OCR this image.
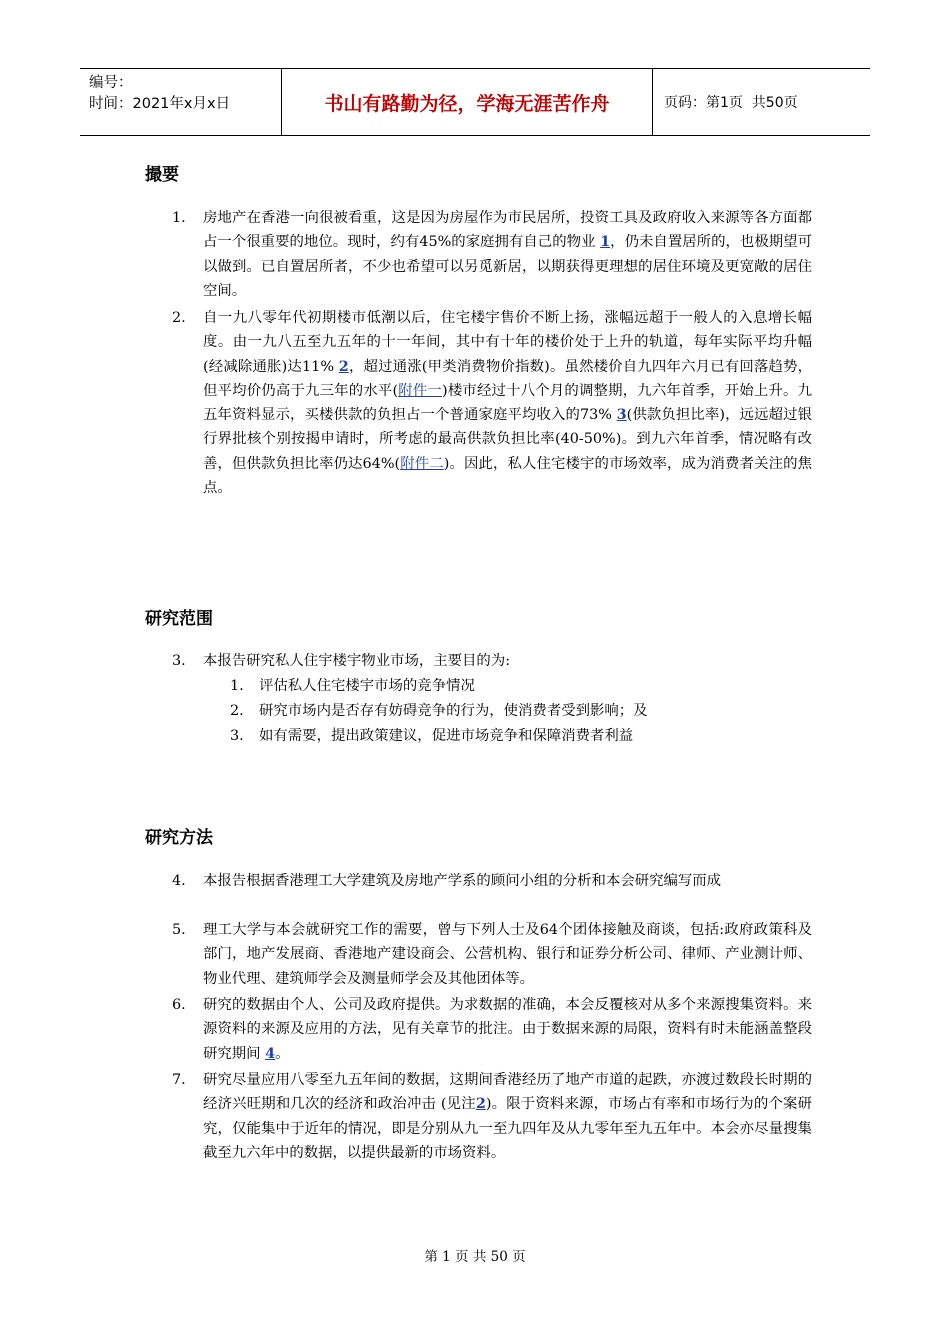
编号：
时间：2021年x月x日	书山有路勤为径，学海无涯苦作舟	页码：第1页  共50页
撮要
1. 房地产在香港一向很被看重，这是因为房屋作为市民居所，投资工具及政府收入来源等各方面都占一个很重要的地位。现时，约有45%的家庭拥有自己的物业 1，仍未自置居所的，也极期望可以做到。已自置居所者，不少也希望可以另觅新居，以期获得更理想的居住环境及更宽敞的居住空间。
2. 自一九八零年代初期楼市低潮以后，住宅楼宇售价不断上扬，涨幅远超于一般人的入息增长幅度。由一九八五至九五年的十一年间，其中有十年的楼价处于上升的轨道，每年实际平均升幅(经减除通胀)达11% 2，超过通涨(甲类消费物价指数)。虽然楼价自九四年六月已有回落趋势，但平均价仍高于九三年的水平(附件一)楼市经过十八个月的调整期，九六年首季，开始上升。九五年资料显示，买楼供款的负担占一个普通家庭平均收入的73% 3(供款负担比率)，远远超过银行界批核个别按揭申请时，所考虑的最高供款负担比率(40-50%)。到九六年首季，情况略有改善，但供款负担比率仍达64%(附件二)。因此，私人住宅楼宇的市场效率，成为消费者关注的焦点。
研究范围
3. 本报告研究私人住宇楼宇物业市场，主要目的为:
1. 评估私人住宅楼宇市场的竞争情况
2. 研究市场内是否存有妨碍竞争的行为，使消费者受到影响；及
3. 如有需要，提出政策建议，促进市场竞争和保障消费者利益
研究方法
4. 本报告根据香港理工大学建筑及房地产学系的顾问小组的分析和本会研究编写而成
5. 理工大学与本会就研究工作的需要，曾与下列人士及64个团体接触及商谈，包括:政府政策科及部门，地产发展商、香港地产建设商会、公营机构、银行和证券分析公司、律师、产业测计师、物业代理、建筑师学会及测量师学会及其他团体等。
6. 研究的数据由个人、公司及政府提供。为求数据的准确，本会反覆核对从多个来源搜集资料。来源资料的来源及应用的方法，见有关章节的批注。由于数据来源的局限，资料有时未能涵盖整段研究期间 4。
7. 研究尽量应用八零至九五年间的数据，这期间香港经历了地产市道的起跌，亦渡过数段长时期的经济兴旺期和几次的经济和政治冲击 (见注2)。限于资料来源，市场占有率和市场行为的个案研究，仅能集中于近年的情况，即是分别从九一至九四年及从九零年至九五年中。本会亦尽量搜集截至九六年中的数据，以提供最新的市场资料。
第 1 页 共 50 页
